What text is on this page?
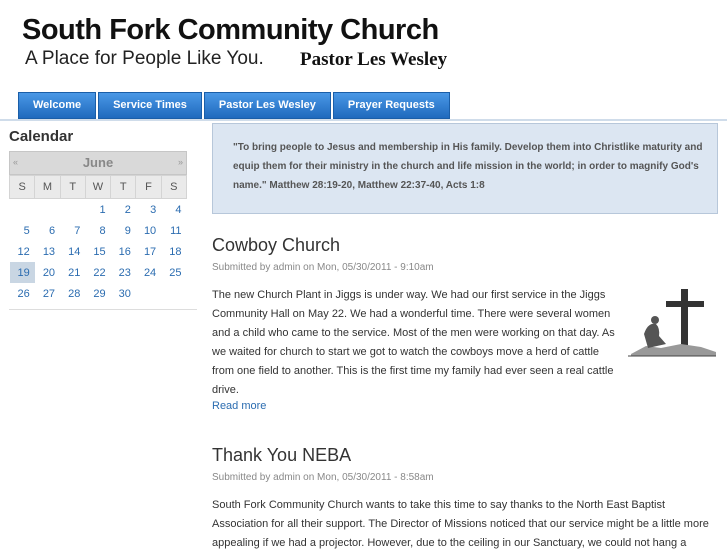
South Fork Community Church
A Place for People Like You. Pastor Les Wesley
Welcome	Service Times	Pastor Les Wesley	Prayer Requests
Calendar
«	June	»
S	M	T	W	T	F	S
			1	2	3	4
5	6	7	8	9	10	11
12	13	14	15	16	17	18
19	20	21	22	23	24	25
26	27	28	29	30		
"To bring people to Jesus and membership in His family. Develop them into Christlike maturity and equip them for their ministry in the church and life mission in the world; in order to magnify God's name." Matthew 28:19-20, Matthew 22:37-40, Acts 1:8
Cowboy Church
Submitted by admin on Mon, 05/30/2011 - 9:10am
The new Church Plant in Jiggs is under way. We had our first service in the Jiggs Community Hall on May 22. We had a wonderful time. There were several women and a child who came to the service. Most of the men were working on that day. As we waited for church to start we got to watch the cowboys move a herd of cattle from one field to another. This is the first time my family had ever seen a real cattle drive.
Read more
Thank You NEBA
Submitted by admin on Mon, 05/30/2011 - 8:58am
South Fork Community Church wants to take this time to say thanks to the North East Baptist Association for all their support. The Director of Missions noticed that our service might be a little more appealing if we had a projector. However, due to the ceiling in our Sanctuary, we could not hang a
